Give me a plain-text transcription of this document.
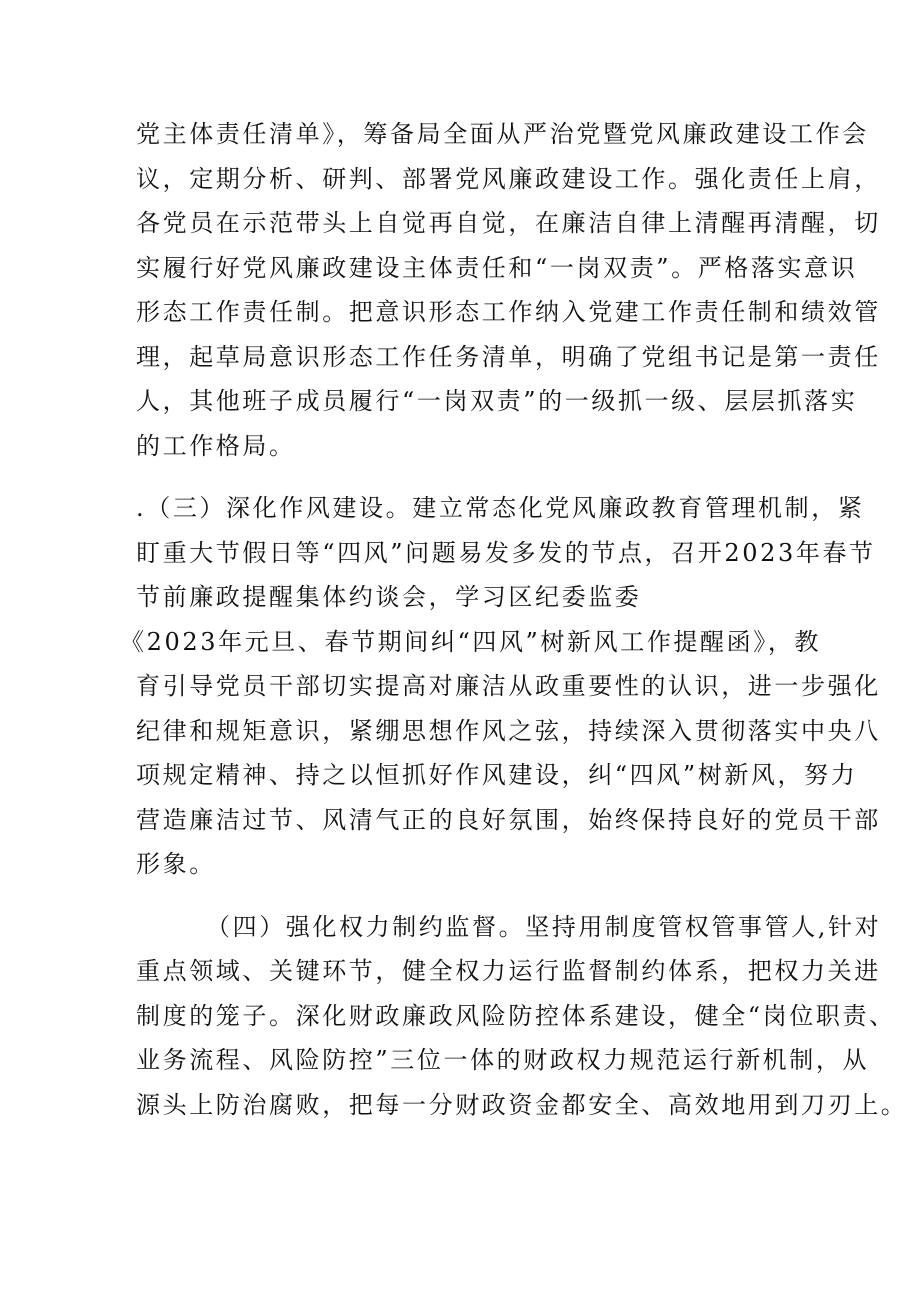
党主体责任清单》，筹备局全面从严治党暨党风廉政建设工作会
议，定期分析、研判、部署党风廉政建设工作。强化责任上肩，
各党员在示范带头上自觉再自觉，在廉洁自律上清醒再清醒，切
实履行好党风廉政建设主体责任和“一岗双责”。严格落实意识
形态工作责任制。把意识形态工作纳入党建工作责任制和绩效管
理，起草局意识形态工作任务清单，明确了党组书记是第一责任
人，其他班子成员履行“一岗双责”的一级抓一级、层层抓落实
的工作格局。
.（三）深化作风建设。建立常态化党风廉政教育管理机制，紧
盯重大节假日等“四风”问题易发多发的节点，召开2023年春节
节前廉政提醒集体约谈会，学习区纪委监委
《2023年元旦、春节期间纠“四风”树新风工作提醒函》，教
育引导党员干部切实提高对廉洁从政重要性的认识，进一步强化
纪律和规矩意识，紧绷思想作风之弦，持续深入贯彻落实中央八
项规定精神、持之以恒抓好作风建设，纠“四风”树新风，努力
营造廉洁过节、风清气正的良好氛围，始终保持良好的党员干部
形象。
（四）强化权力制约监督。坚持用制度管权管事管人,针对
重点领域、关键环节，健全权力运行监督制约体系，把权力关进
制度的笼子。深化财政廉政风险防控体系建设，健全“岗位职责、
业务流程、风险防控”三位一体的财政权力规范运行新机制，从
源头上防治腐败，把每一分财政资金都安全、高效地用到刀刃上。
